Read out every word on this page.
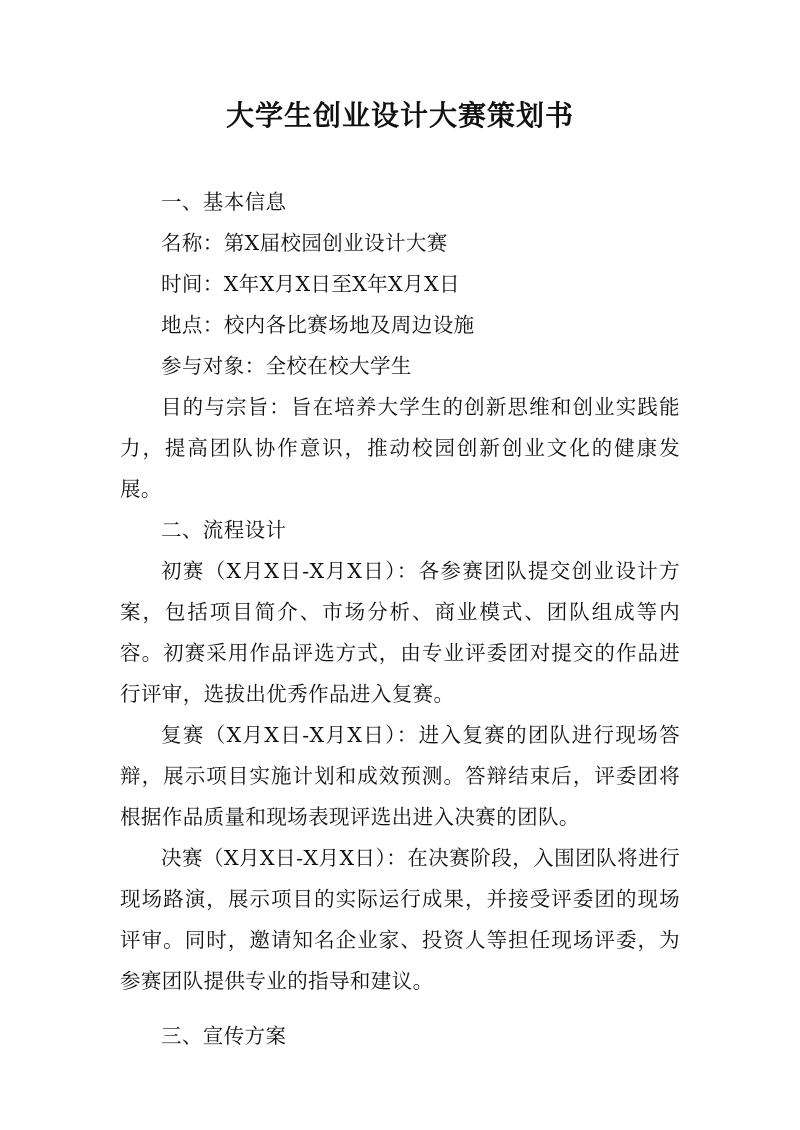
大学生创业设计大赛策划书

一、基本信息

名称：第X届校园创业设计大赛

时间：X年X月X日至X年X月X日

地点：校内各比赛场地及周边设施

参与对象：全校在校大学生

目的与宗旨：旨在培养大学生的创新思维和创业实践能力，提高团队协作意识，推动校园创新创业文化的健康发展。

二、流程设计

初赛（X月X日-X月X日）：各参赛团队提交创业设计方案，包括项目简介、市场分析、商业模式、团队组成等内容。初赛采用作品评选方式，由专业评委团对提交的作品进行评审，选拔出优秀作品进入复赛。

复赛（X月X日-X月X日）：进入复赛的团队进行现场答辩，展示项目实施计划和成效预测。答辩结束后，评委团将根据作品质量和现场表现评选出进入决赛的团队。

决赛（X月X日-X月X日）：在决赛阶段，入围团队将进行现场路演，展示项目的实际运行成果，并接受评委团的现场评审。同时，邀请知名企业家、投资人等担任现场评委，为参赛团队提供专业的指导和建议。

三、宣传方案
